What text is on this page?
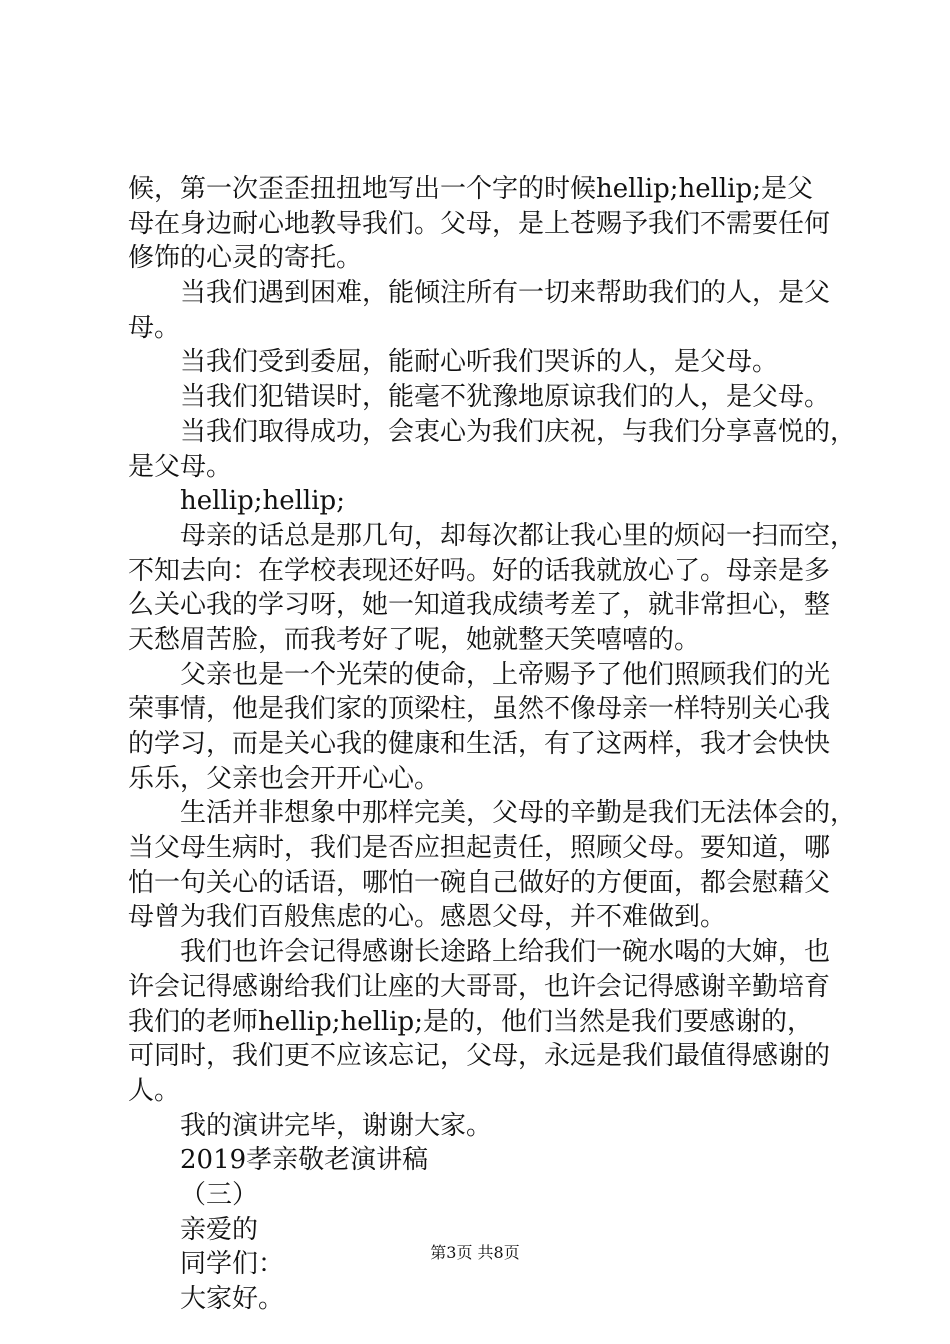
候，第一次歪歪扭扭地写出一个字的时候hellip;hellip;是父
母在身边耐心地教导我们。父母，是上苍赐予我们不需要任何
修饰的心灵的寄托。
当我们遇到困难，能倾注所有一切来帮助我们的人，是父
母。
当我们受到委屈，能耐心听我们哭诉的人，是父母。
当我们犯错误时，能毫不犹豫地原谅我们的人，是父母。
当我们取得成功，会衷心为我们庆祝，与我们分享喜悦的，
是父母。
hellip;hellip;
母亲的话总是那几句，却每次都让我心里的烦闷一扫而空，
不知去向：在学校表现还好吗。好的话我就放心了。母亲是多
么关心我的学习呀，她一知道我成绩考差了，就非常担心，整
天愁眉苦脸，而我考好了呢，她就整天笑嘻嘻的。
父亲也是一个光荣的使命，上帝赐予了他们照顾我们的光
荣事情，他是我们家的顶梁柱，虽然不像母亲一样特别关心我
的学习，而是关心我的健康和生活，有了这两样，我才会快快
乐乐，父亲也会开开心心。
生活并非想象中那样完美，父母的辛勤是我们无法体会的，
当父母生病时，我们是否应担起责任，照顾父母。要知道，哪
怕一句关心的话语，哪怕一碗自己做好的方便面，都会慰藉父
母曾为我们百般焦虑的心。感恩父母，并不难做到。
我们也许会记得感谢长途路上给我们一碗水喝的大婶，也
许会记得感谢给我们让座的大哥哥，也许会记得感谢辛勤培育
我们的老师hellip;hellip;是的，他们当然是我们要感谢的，
可同时，我们更不应该忘记，父母，永远是我们最值得感谢的
人。
我的演讲完毕，谢谢大家。
2019孝亲敬老演讲稿
（三）
亲爱的
同学们：
大家好。
第3页 共8页
